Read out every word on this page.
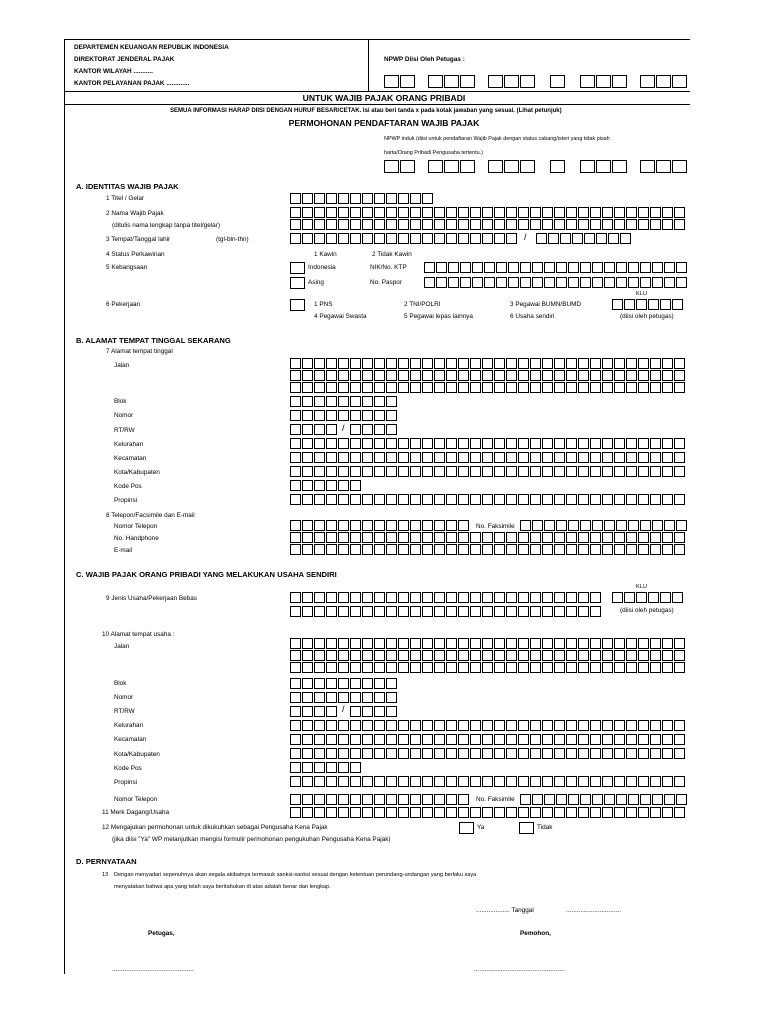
DEPARTEMEN KEUANGAN REPUBLIK INDONESIA
DIREKTORAT JENDERAL PAJAK
KANTOR WILAYAH ...........
KANTOR PELAYANAN PAJAK .............
NPWP Diisi Oleh Petugas :
UNTUK WAJIB PAJAK ORANG PRIBADI
SEMUA INFORMASI HARAP DIISI DENGAN HURUF BESAR/CETAK. Isi atau beri tanda x pada kotak jawaban yang sesuai. (Lihat petunjuk)
PERMOHONAN PENDAFTARAN WAJIB PAJAK
NPWP induk (diisi untuk pendaftaran Wajib Pajak dengan status cabang/isteri yang tidak pisah
harta/Orang Pribadi Pengusaha tertentu.)
A. IDENTITAS WAJIB PAJAK
1 Titel / Gelar
2 Nama Wajib Pajak
(ditulis nama lengkap tanpa titel/gelar)
3 Tempat/Tanggal lahir	(tgl-bln-thn)	/
4 Status Perkawinan	1 Kawin	2 Tidak Kawin
5 Kebangsaan	Indonesia	NIK/No. KTP
Asing	No. Paspor
KLU
6 Pekerjaan	1 PNS	2 TNI/POLRI	3 Pegawai BUMN/BUMD
4 Pegawai Swasta	5 Pegawai lepas lainnya	6 Usaha sendiri	(diisi oleh petugas)
B. ALAMAT TEMPAT TINGGAL SEKARANG
7 Alamat tempat tinggal
Jalan
Blok
Nomor
RT/RW	/
Kelurahan
Kecamatan
Kota/Kabupaten
Kode Pos
Propinsi
8 Telepon/Facsimile dan E-mail
Nomor Telepon	No. Faksimile
No. Handphone
E-mail
C. WAJIB PAJAK ORANG PRIBADI YANG MELAKUKAN USAHA SENDIRI
KLU
9 Jenis Usaha/Pekerjaan Bebas
(diisi oleh petugas)
10 Alamat tempat usaha :
Jalan
Blok
Nomor
RT/RW	/
Kelurahan
Kecamatan
Kota/Kabupaten
Kode Pos
Propinsi
Nomor Telepon	No. Faksimile
11 Merk Dagang/Usaha
12 Mengajukan permohonan untuk dikukuhkan sebagai Pengusaha Kena Pajak
(jika diisi "Ya" WP melanjutkan mengisi formulir permohonan pengukuhan Pengusaha Kena Pajak)
Ya	Tidak
D. PERNYATAAN
13 Dengan menyadari sepenuhnya akan segala akibatnya termasuk sanksi-sanksi sesuai dengan ketentuan perundang-undangan yang berlaku saya
menyatakan bahwa apa yang telah saya beritahukan di atas adalah benar dan lengkap.
................... Tanggal	...............................
Petugas,	Pemohon,
..............................................	...................................................
